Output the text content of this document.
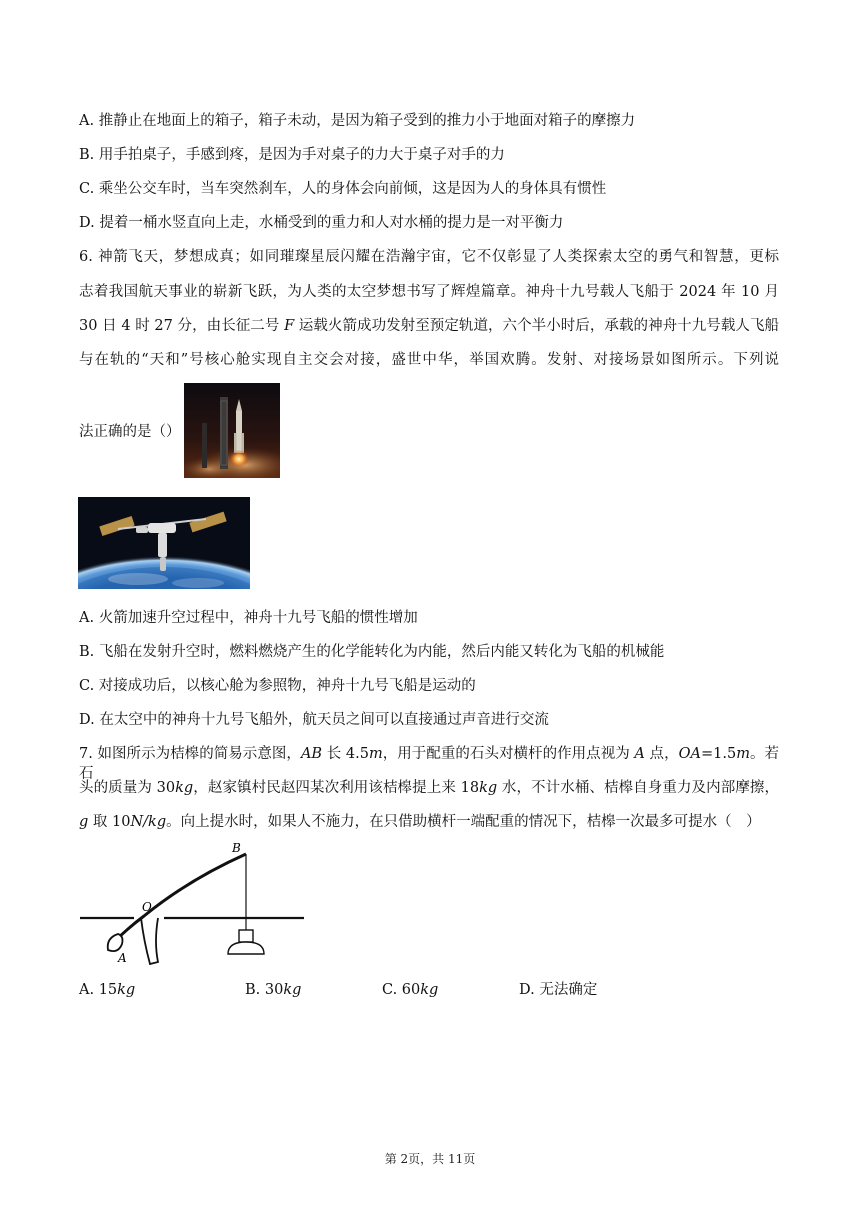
A. 推静止在地面上的箱子，箱子未动，是因为箱子受到的推力小于地面对箱子的摩擦力
B. 用手拍桌子，手感到疼，是因为手对桌子的力大于桌子对手的力
C. 乘坐公交车时，当车突然刹车，人的身体会向前倾，这是因为人的身体具有惯性
D. 提着一桶水竖直向上走，水桶受到的重力和人对水桶的提力是一对平衡力
6. 神箭飞天，梦想成真；如同璀璨星辰闪耀在浩瀚宇宙，它不仅彰显了人类探索太空的勇气和智慧，更标
志着我国航天事业的崭新飞跃，为人类的太空梦想书写了辉煌篇章。神舟十九号载人飞船于 2024 年 10 月
30 日 4 时 27 分，由长征二号 F 运载火箭成功发射至预定轨道，六个半小时后，承载的神舟十九号载人飞船
与在轨的“天和”号核心舱实现自主交会对接，盛世中华，举国欢腾。发射、对接场景如图所示。下列说
法正确的是（）
A. 火箭加速升空过程中，神舟十九号飞船的惯性增加
B. 飞船在发射升空时，燃料燃烧产生的化学能转化为内能，然后内能又转化为飞船的机械能
C. 对接成功后，以核心舱为参照物，神舟十九号飞船是运动的
D. 在太空中的神舟十九号飞船外，航天员之间可以直接通过声音进行交流
7. 如图所示为桔槔的简易示意图，AB 长 4.5m，用于配重的石头对横杆的作用点视为 A 点，OA=1.5m。若石
头的质量为 30kg，赵家镇村民赵四某次利用该桔槔提上来 18kg 水，不计水桶、桔槔自身重力及内部摩擦，
g 取 10N/kg。向上提水时，如果人不施力，在只借助横杆一端配重的情况下，桔槔一次最多可提水（　）
B
O
A
A. 15kg	B. 30kg	C. 60kg	D. 无法确定
第 2页，共 11页
